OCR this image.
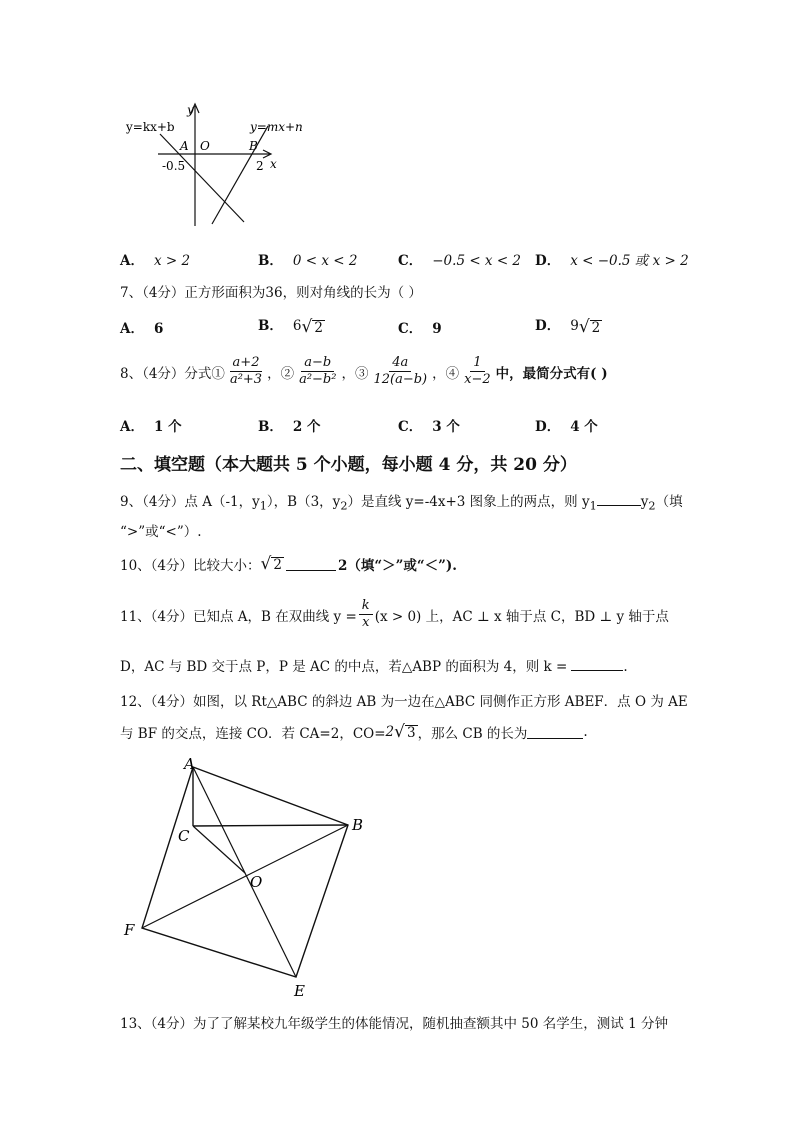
y=kx+b	y=mx+n
y
x
A O	B
-0.5	2
A． x > 2	B． 0 < x < 2	C． −0.5 < x < 2 D． x < −0.5 或 x > 2
7、（4分）正方形面积为36，则对角线的长为（ ）
A． 6	B． 6 √ 2	C． 9	D． 9 √ 2
8、（4分）分式① $\frac{a+2}{\text{a²+3}}$ ，② $\frac{a-b}{\text{a²−b²}}$ ，③ $\frac{4a}{12(a-b)}$ ，④ $\frac{1}{x-2}$ 中，最简分式有( )
A． 1 个	B． 2 个	C． 3 个	D． 4 个
二、填空题（本大题共 5 个小题，每小题 4 分，共 20 分）
9、（4分）点 A（-1，$y_1$），B（3，$y_2$）是直线 y=-4x+3 图象上的两点，则 $y_1$	$y_2$（填
“>”或“<”）.
10、（4分）比较大小： √ 2	2（填“＞”或“＜”).
11、（4分）已知点 A，B 在双曲线 $y = \frac{k}{x} (x > 0)$ 上，AC ⊥ x 轴于点 C，BD ⊥ y 轴于点
D，AC 与 BD 交于点 P，P 是 AC 的中点，若△ABP 的面积为 4，则 k =	.
12、（4分）如图，以 Rt△ABC 的斜边 AB 为一边在△ABC 同侧作正方形 ABEF．点 O 为 AE
与 BF 的交点，连接 CO．若 CA=2，CO= 2 √ 3 ，那么 CB 的长为	.
A
B
C
O
E
F
13、（4分）为了了解某校九年级学生的体能情况，随机抽查额其中 50 名学生，测试 1 分钟
